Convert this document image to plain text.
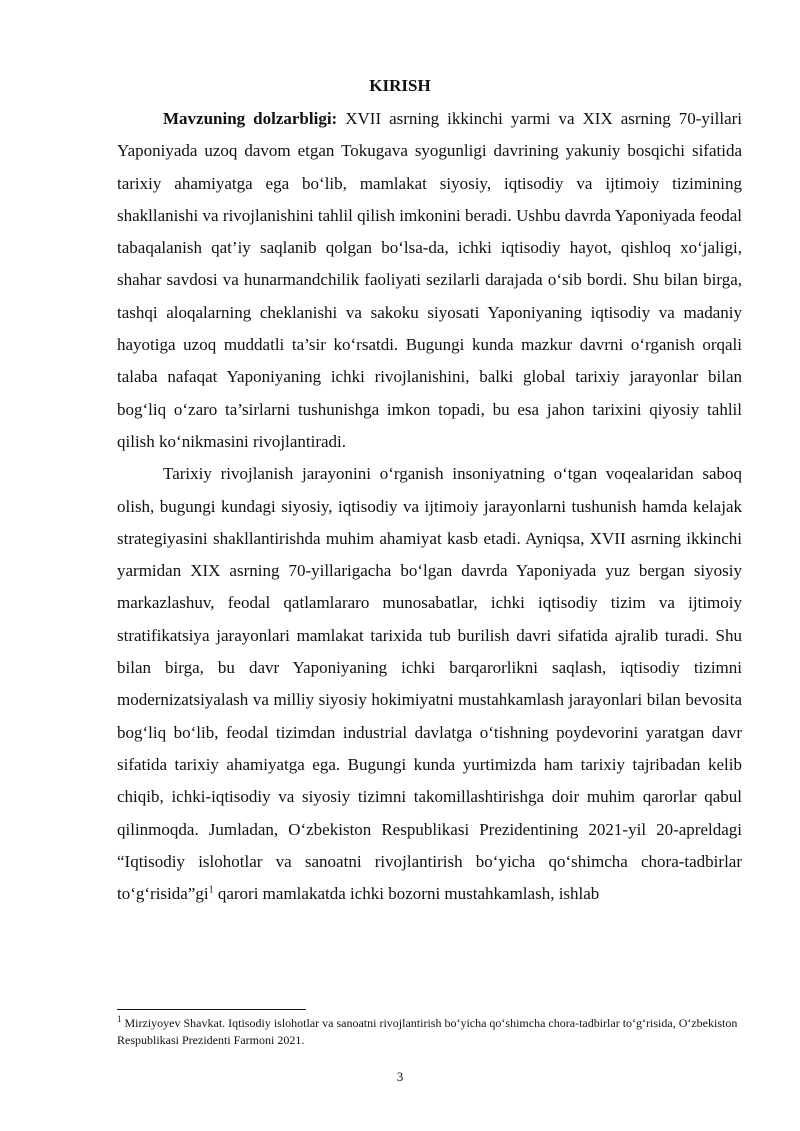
KIRISH

Mavzuning dolzarbligi: XVII asrning ikkinchi yarmi va XIX asrning 70-yillari Yaponiyada uzoq davom etgan Tokugava syogunligi davrining yakuniy bosqichi sifatida tarixiy ahamiyatga ega bo‘lib, mamlakat siyosiy, iqtisodiy va ijtimoiy tizimining shakllanishi va rivojlanishini tahlil qilish imkonini beradi. Ushbu davrda Yaponiyada feodal tabaqalanish qat’iy saqlanib qolgan bo‘lsa-da, ichki iqtisodiy hayot, qishloq xo‘jaligi, shahar savdosi va hunarmandchilik faoliyati sezilarli darajada o‘sib bordi. Shu bilan birga, tashqi aloqalarning cheklanishi va sakoku siyosati Yaponiyaning iqtisodiy va madaniy hayotiga uzoq muddatli ta’sir ko‘rsatdi. Bugungi kunda mazkur davrni o‘rganish orqali talaba nafaqat Yaponiyaning ichki rivojlanishini, balki global tarixiy jarayonlar bilan bog‘liq o‘zaro ta’sirlarni tushunishga imkon topadi, bu esa jahon tarixini qiyosiy tahlil qilish ko‘nikmasini rivojlantiradi.

Tarixiy rivojlanish jarayonini o‘rganish insoniyatning o‘tgan voqealaridan saboq olish, bugungi kundagi siyosiy, iqtisodiy va ijtimoiy jarayonlarni tushunish hamda kelajak strategiyasini shakllantirishda muhim ahamiyat kasb etadi. Ayniqsa, XVII asrning ikkinchi yarmidan XIX asrning 70-yillarigacha bo‘lgan davrda Yaponiyada yuz bergan siyosiy markazlashuv, feodal qatlamlararo munosabatlar, ichki iqtisodiy tizim va ijtimoiy stratifikatsiya jarayonlari mamlakat tarixida tub burilish davri sifatida ajralib turadi. Shu bilan birga, bu davr Yaponiyaning ichki barqarorlikni saqlash, iqtisodiy tizimni modernizatsiyalash va milliy siyosiy hokimiyatni mustahkamlash jarayonlari bilan bevosita bog‘liq bo‘lib, feodal tizimdan industrial davlatga o‘tishning poydevorini yaratgan davr sifatida tarixiy ahamiyatga ega. Bugungi kunda yurtimizda ham tarixiy tajribadan kelib chiqib, ichki-iqtisodiy va siyosiy tizimni takomillashtirishga doir muhim qarorlar qabul qilinmoqda. Jumladan, O‘zbekiston Respublikasi Prezidentining 2021-yil 20-apreldagi “Iqtisodiy islohotlar va sanoatni rivojlantirish bo‘yicha qo‘shimcha chora-tadbirlar $to‘g‘risida”gi^1$ qarori mamlakatda ichki bozorni mustahkamlash, ishlab

$^1$ Mirziyoyev Shavkat. Iqtisodiy islohotlar va sanoatni rivojlantirish bo‘yicha qo‘shimcha chora-tadbirlar to‘g‘risida, O‘zbekiston Respublikasi Prezidenti Farmoni 2021.
3
